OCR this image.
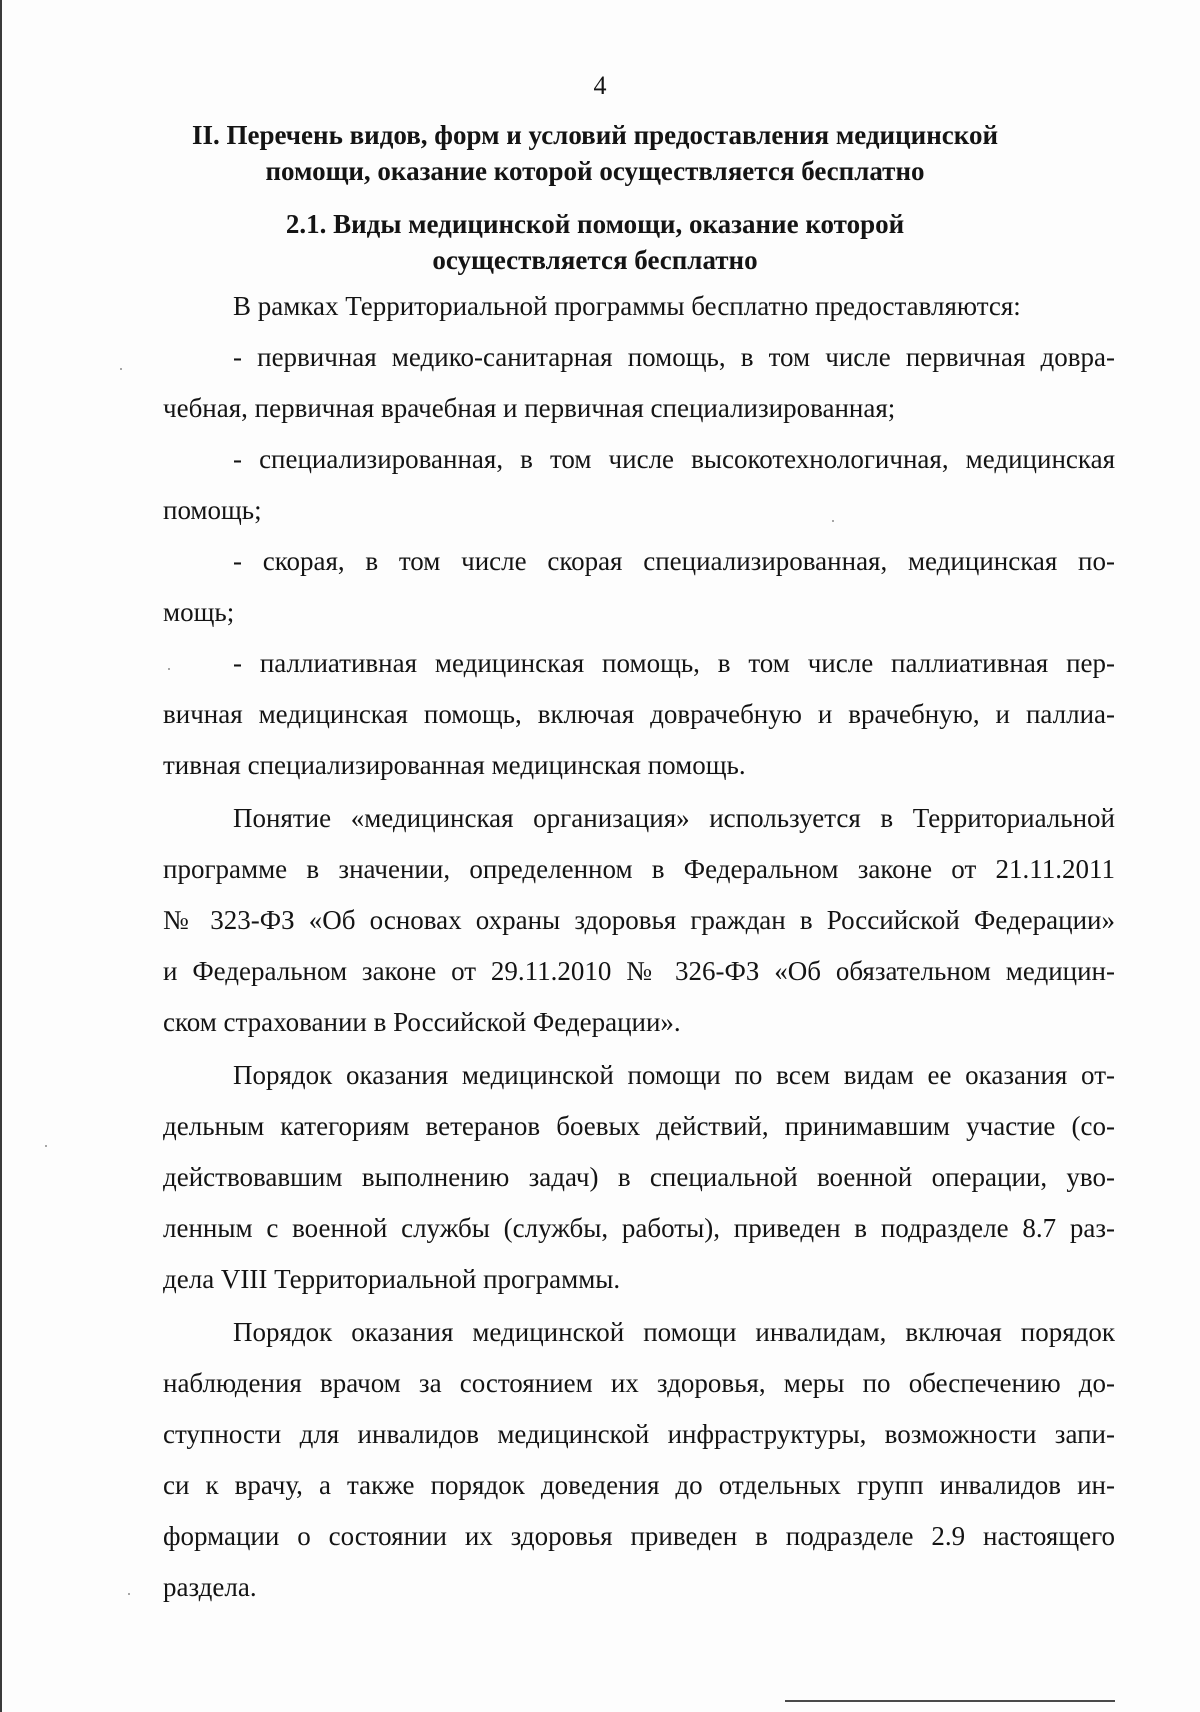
4
II. Перечень видов, форм и условий предоставления медицинской
помощи, оказание которой осуществляется бесплатно
2.1. Виды медицинской помощи, оказание которой
осуществляется бесплатно
В рамках Территориальной программы бесплатно предоставляются:
- первичная медико-санитарная помощь, в том числе первичная довра-
чебная, первичная врачебная и первичная специализированная;
- специализированная, в том числе высокотехнологичная, медицинская
помощь;
- скорая, в том числе скорая специализированная, медицинская по-
мощь;
- паллиативная медицинская помощь, в том числе паллиативная пер-
вичная медицинская помощь, включая доврачебную и врачебную, и паллиа-
тивная специализированная медицинская помощь.
Понятие «медицинская организация» используется в Территориальной
программе в значении, определенном в Федеральном законе от 21.11.2011
№ 323-ФЗ «Об основах охраны здоровья граждан в Российской Федерации»
и Федеральном законе от 29.11.2010 № 326-ФЗ «Об обязательном медицин-
ском страховании в Российской Федерации».
Порядок оказания медицинской помощи по всем видам ее оказания от-
дельным категориям ветеранов боевых действий, принимавшим участие (со-
действовавшим выполнению задач) в специальной военной операции, уво-
ленным с военной службы (службы, работы), приведен в подразделе 8.7 раз-
дела VIII Территориальной программы.
Порядок оказания медицинской помощи инвалидам, включая порядок
наблюдения врачом за состоянием их здоровья, меры по обеспечению до-
ступности для инвалидов медицинской инфраструктуры, возможности запи-
си к врачу, а также порядок доведения до отдельных групп инвалидов ин-
формации о состоянии их здоровья приведен в подразделе 2.9 настоящего
раздела.
